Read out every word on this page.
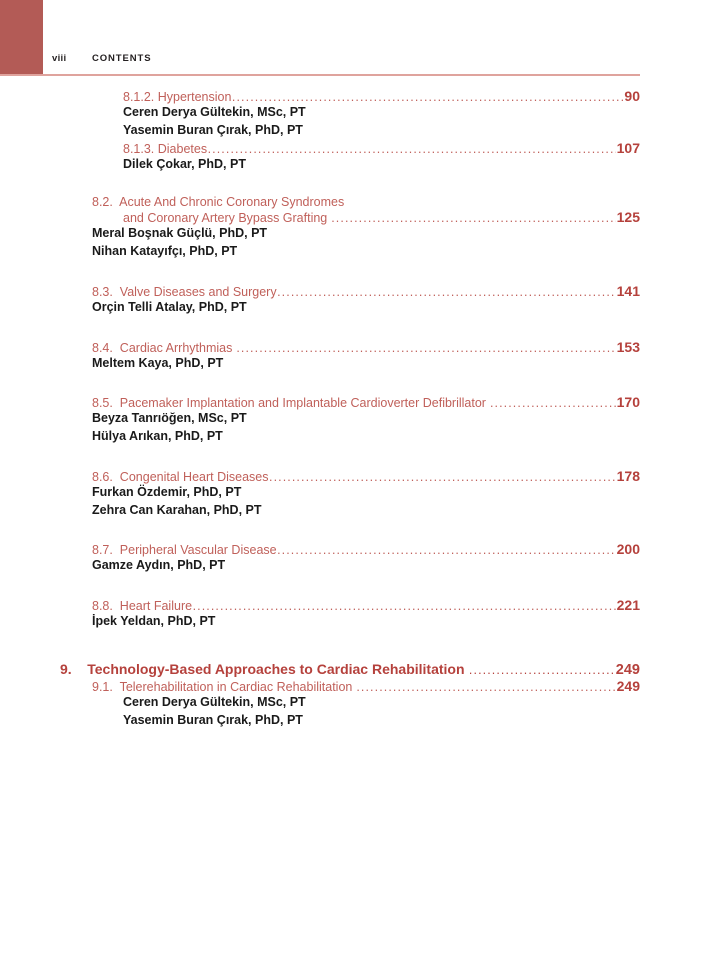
viii	CONTENTS
8.1.2. Hypertension .....	90
Ceren Derya Gültekin, MSc, PT
Yasemin Buran Çırak, PhD, PT
8.1.3. Diabetes .....	107
Dilek Çokar, PhD, PT
8.2. Acute And Chronic Coronary Syndromes
and Coronary Artery Bypass Grafting .....	125
Meral Boşnak Güçlü, PhD, PT
Nihan Katayıfçı, PhD, PT
8.3. Valve Diseases and Surgery .....	141
Orçin Telli Atalay, PhD, PT
8.4. Cardiac Arrhythmias .....	153
Meltem Kaya, PhD, PT
8.5. Pacemaker Implantation and Implantable Cardioverter Defibrillator .....	170
Beyza Tanrıöğen, MSc, PT
Hülya Arıkan, PhD, PT
8.6. Congenital Heart Diseases .....	178
Furkan Özdemir, PhD, PT
Zehra Can Karahan, PhD, PT
8.7. Peripheral Vascular Disease .....	200
Gamze Aydın, PhD, PT
8.8. Heart Failure .....	221
İpek Yeldan, PhD, PT
9. Technology-Based Approaches to Cardiac Rehabilitation .....	249
9.1. Telerehabilitation in Cardiac Rehabilitation .....	249
Ceren Derya Gültekin, MSc, PT
Yasemin Buran Çırak, PhD, PT
